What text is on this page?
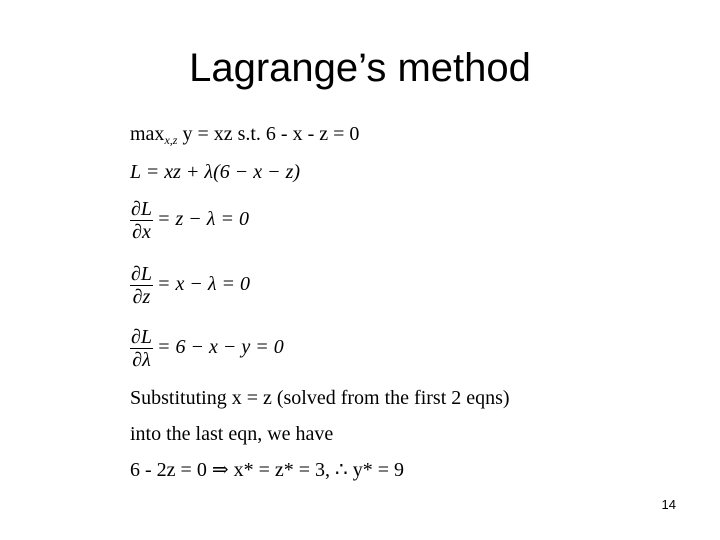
Lagrange’s method
$\max_{x,z} y$ = xz s.t. 6 - x - z = 0
L = xz + λ(6 − x − z)
$\frac{\partial L}{\partial x} = z - \lambda = 0$
$\frac{\partial L}{\partial z} = x - \lambda = 0$
$\frac{\partial L}{\partial\lambda} = 6 - x - y = 0$
Substituting x = z (solved from the first 2 eqns)
into the last eqn, we have
6 - 2z = 0 ⇒ x* = z* = 3, ∴ y* = 9
14
